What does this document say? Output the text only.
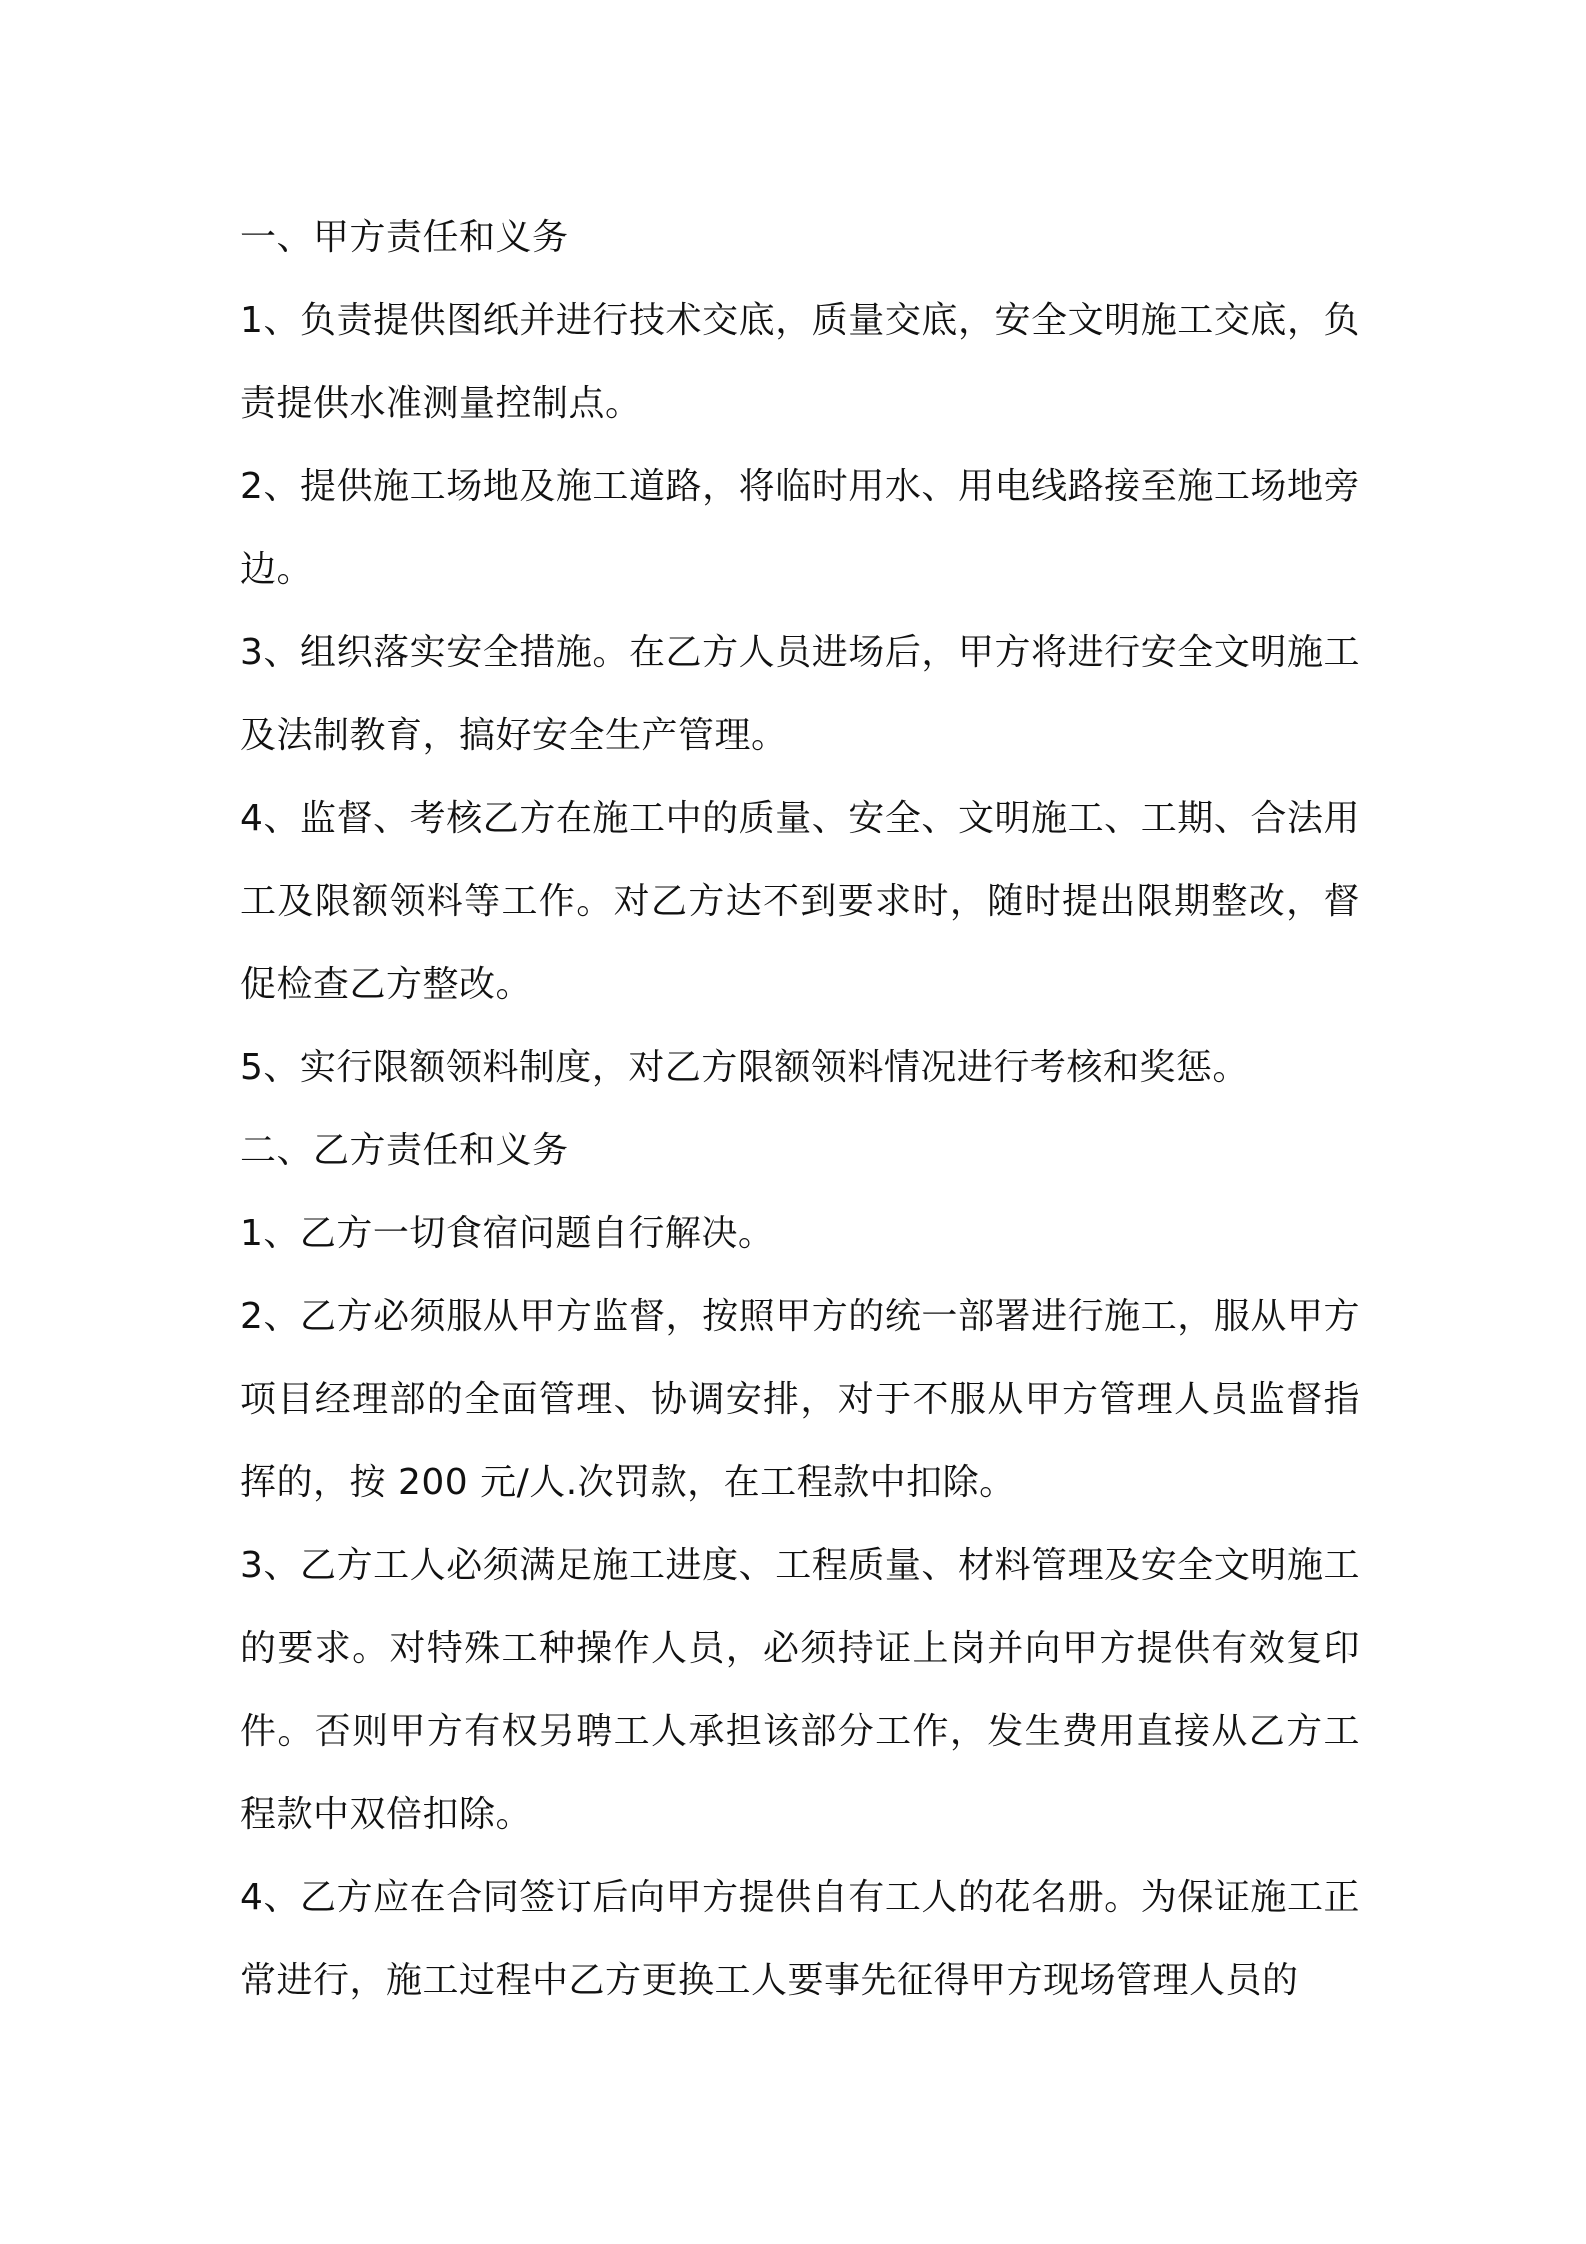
一、甲方责任和义务

1、负责提供图纸并进行技术交底，质量交底，安全文明施工交底，负责提供水准测量控制点。

2、提供施工场地及施工道路，将临时用水、用电线路接至施工场地旁边。

3、组织落实安全措施。在乙方人员进场后，甲方将进行安全文明施工及法制教育，搞好安全生产管理。

4、监督、考核乙方在施工中的质量、安全、文明施工、工期、合法用工及限额领料等工作。对乙方达不到要求时，随时提出限期整改，督促检查乙方整改。

5、实行限额领料制度，对乙方限额领料情况进行考核和奖惩。

二、乙方责任和义务

1、乙方一切食宿问题自行解决。

2、乙方必须服从甲方监督，按照甲方的统一部署进行施工，服从甲方项目经理部的全面管理、协调安排，对于不服从甲方管理人员监督指挥的，按 200 元/人.次罚款，在工程款中扣除。

3、乙方工人必须满足施工进度、工程质量、材料管理及安全文明施工的要求。对特殊工种操作人员，必须持证上岗并向甲方提供有效复印件。否则甲方有权另聘工人承担该部分工作，发生费用直接从乙方工程款中双倍扣除。

4、乙方应在合同签订后向甲方提供自有工人的花名册。为保证施工正常进行，施工过程中乙方更换工人要事先征得甲方现场管理人员的
